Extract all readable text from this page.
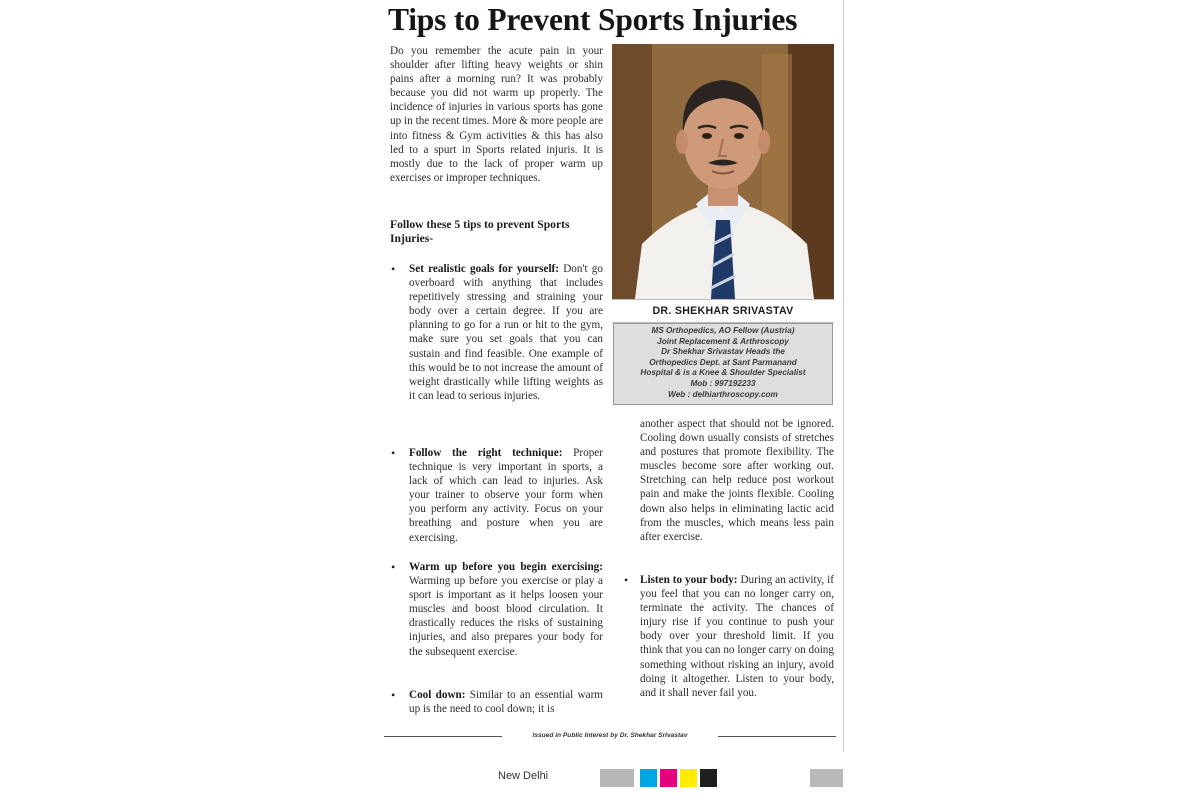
Tips to Prevent Sports Injuries
Do you remember the acute pain in your shoulder after lifting heavy weights or shin pains after a morning run? It was probably because you did not warm up properly. The incidence of injuries in various sports has gone up in the recent times. More & more people are into fitness & Gym activities & this has also led to a spurt in Sports related injuris. It is mostly due to the lack of proper warm up exercises or improper techniques.
Follow these 5 tips to prevent Sports Injuries-
• Set realistic goals for yourself: Don't go overboard with anything that includes repetitively stressing and straining your body over a certain degree. If you are planning to go for a run or hit to the gym, make sure you set goals that you can sustain and find feasible. One example of this would be to not increase the amount of weight drastically while lifting weights as it can lead to serious injuries.
• Follow the right technique: Proper technique is very important in sports, a lack of which can lead to injuries. Ask your trainer to observe your form when you perform any activity. Focus on your breathing and posture when you are exercising.
• Warm up before you begin exercising: Warming up before you exercise or play a sport is important as it helps loosen your muscles and boost blood circulation. It drastically reduces the risks of sustaining injuries, and also prepares your body for the subsequent exercise.
• Cool down: Similar to an essential warm up is the need to cool down; it is
another aspect that should not be ignored. Cooling down usually consists of stretches and postures that promote flexibility. The muscles become sore after working out. Stretching can help reduce post workout pain and make the joints flexible. Cooling down also helps in eliminating lactic acid from the muscles, which means less pain after exercise.
• Listen to your body: During an activity, if you feel that you can no longer carry on, terminate the activity. The chances of injury rise if you continue to push your body over your threshold limit. If you think that you can no longer carry on doing something without risking an injury, avoid doing it altogether. Listen to your body, and it shall never fail you.
DR. SHEKHAR SRIVASTAV
MS Orthopedics, AO Fellow (Austria)
Joint Replacement & Arthroscopy
Dr Shekhar Srivastav Heads the
Orthopedics Dept. at Sant Parmanand
Hospital & is a Knee & Shoulder Specialist
Mob : 997192233
Web : delhiarthroscopy.com
Issued in Public Interest by Dr. Shekhar Srivastav
New Delhi
